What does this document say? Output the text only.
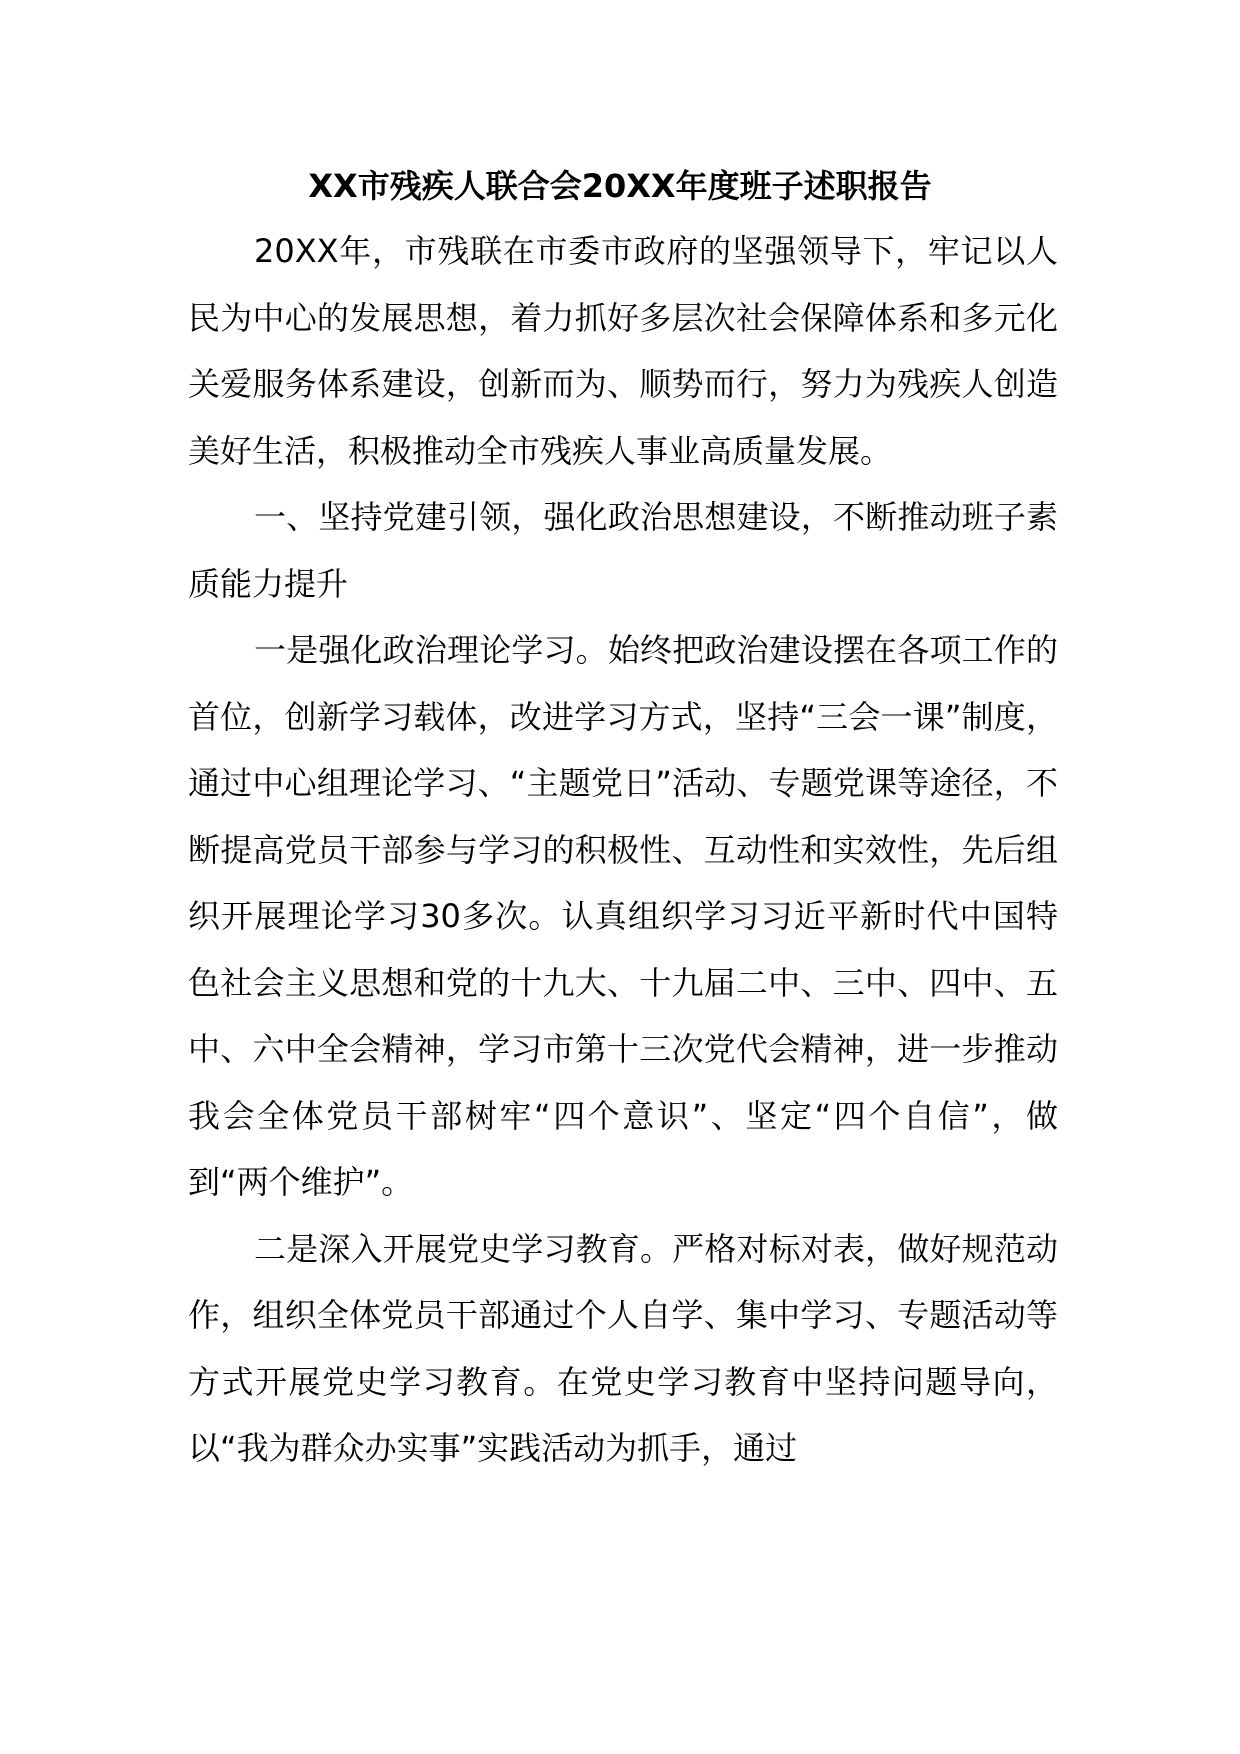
XX市残疾人联合会20XX年度班子述职报告

20XX年，市残联在市委市政府的坚强领导下，牢记以人民为中心的发展思想，着力抓好多层次社会保障体系和多元化关爱服务体系建设，创新而为、顺势而行，努力为残疾人创造美好生活，积极推动全市残疾人事业高质量发展。

一、坚持党建引领，强化政治思想建设，不断推动班子素质能力提升

一是强化政治理论学习。始终把政治建设摆在各项工作的首位，创新学习载体，改进学习方式，坚持“三会一课”制度，通过中心组理论学习、“主题党日”活动、专题党课等途径，不断提高党员干部参与学习的积极性、互动性和实效性，先后组织开展理论学习30多次。认真组织学习习近平新时代中国特色社会主义思想和党的十九大、十九届二中、三中、四中、五中、六中全会精神，学习市第十三次党代会精神，进一步推动我会全体党员干部树牢“四个意识”、坚定“四个自信”，做到“两个维护”。

二是深入开展党史学习教育。严格对标对表，做好规范动作，组织全体党员干部通过个人自学、集中学习、专题活动等方式开展党史学习教育。在党史学习教育中坚持问题导向，以“我为群众办实事”实践活动为抓手，通过
